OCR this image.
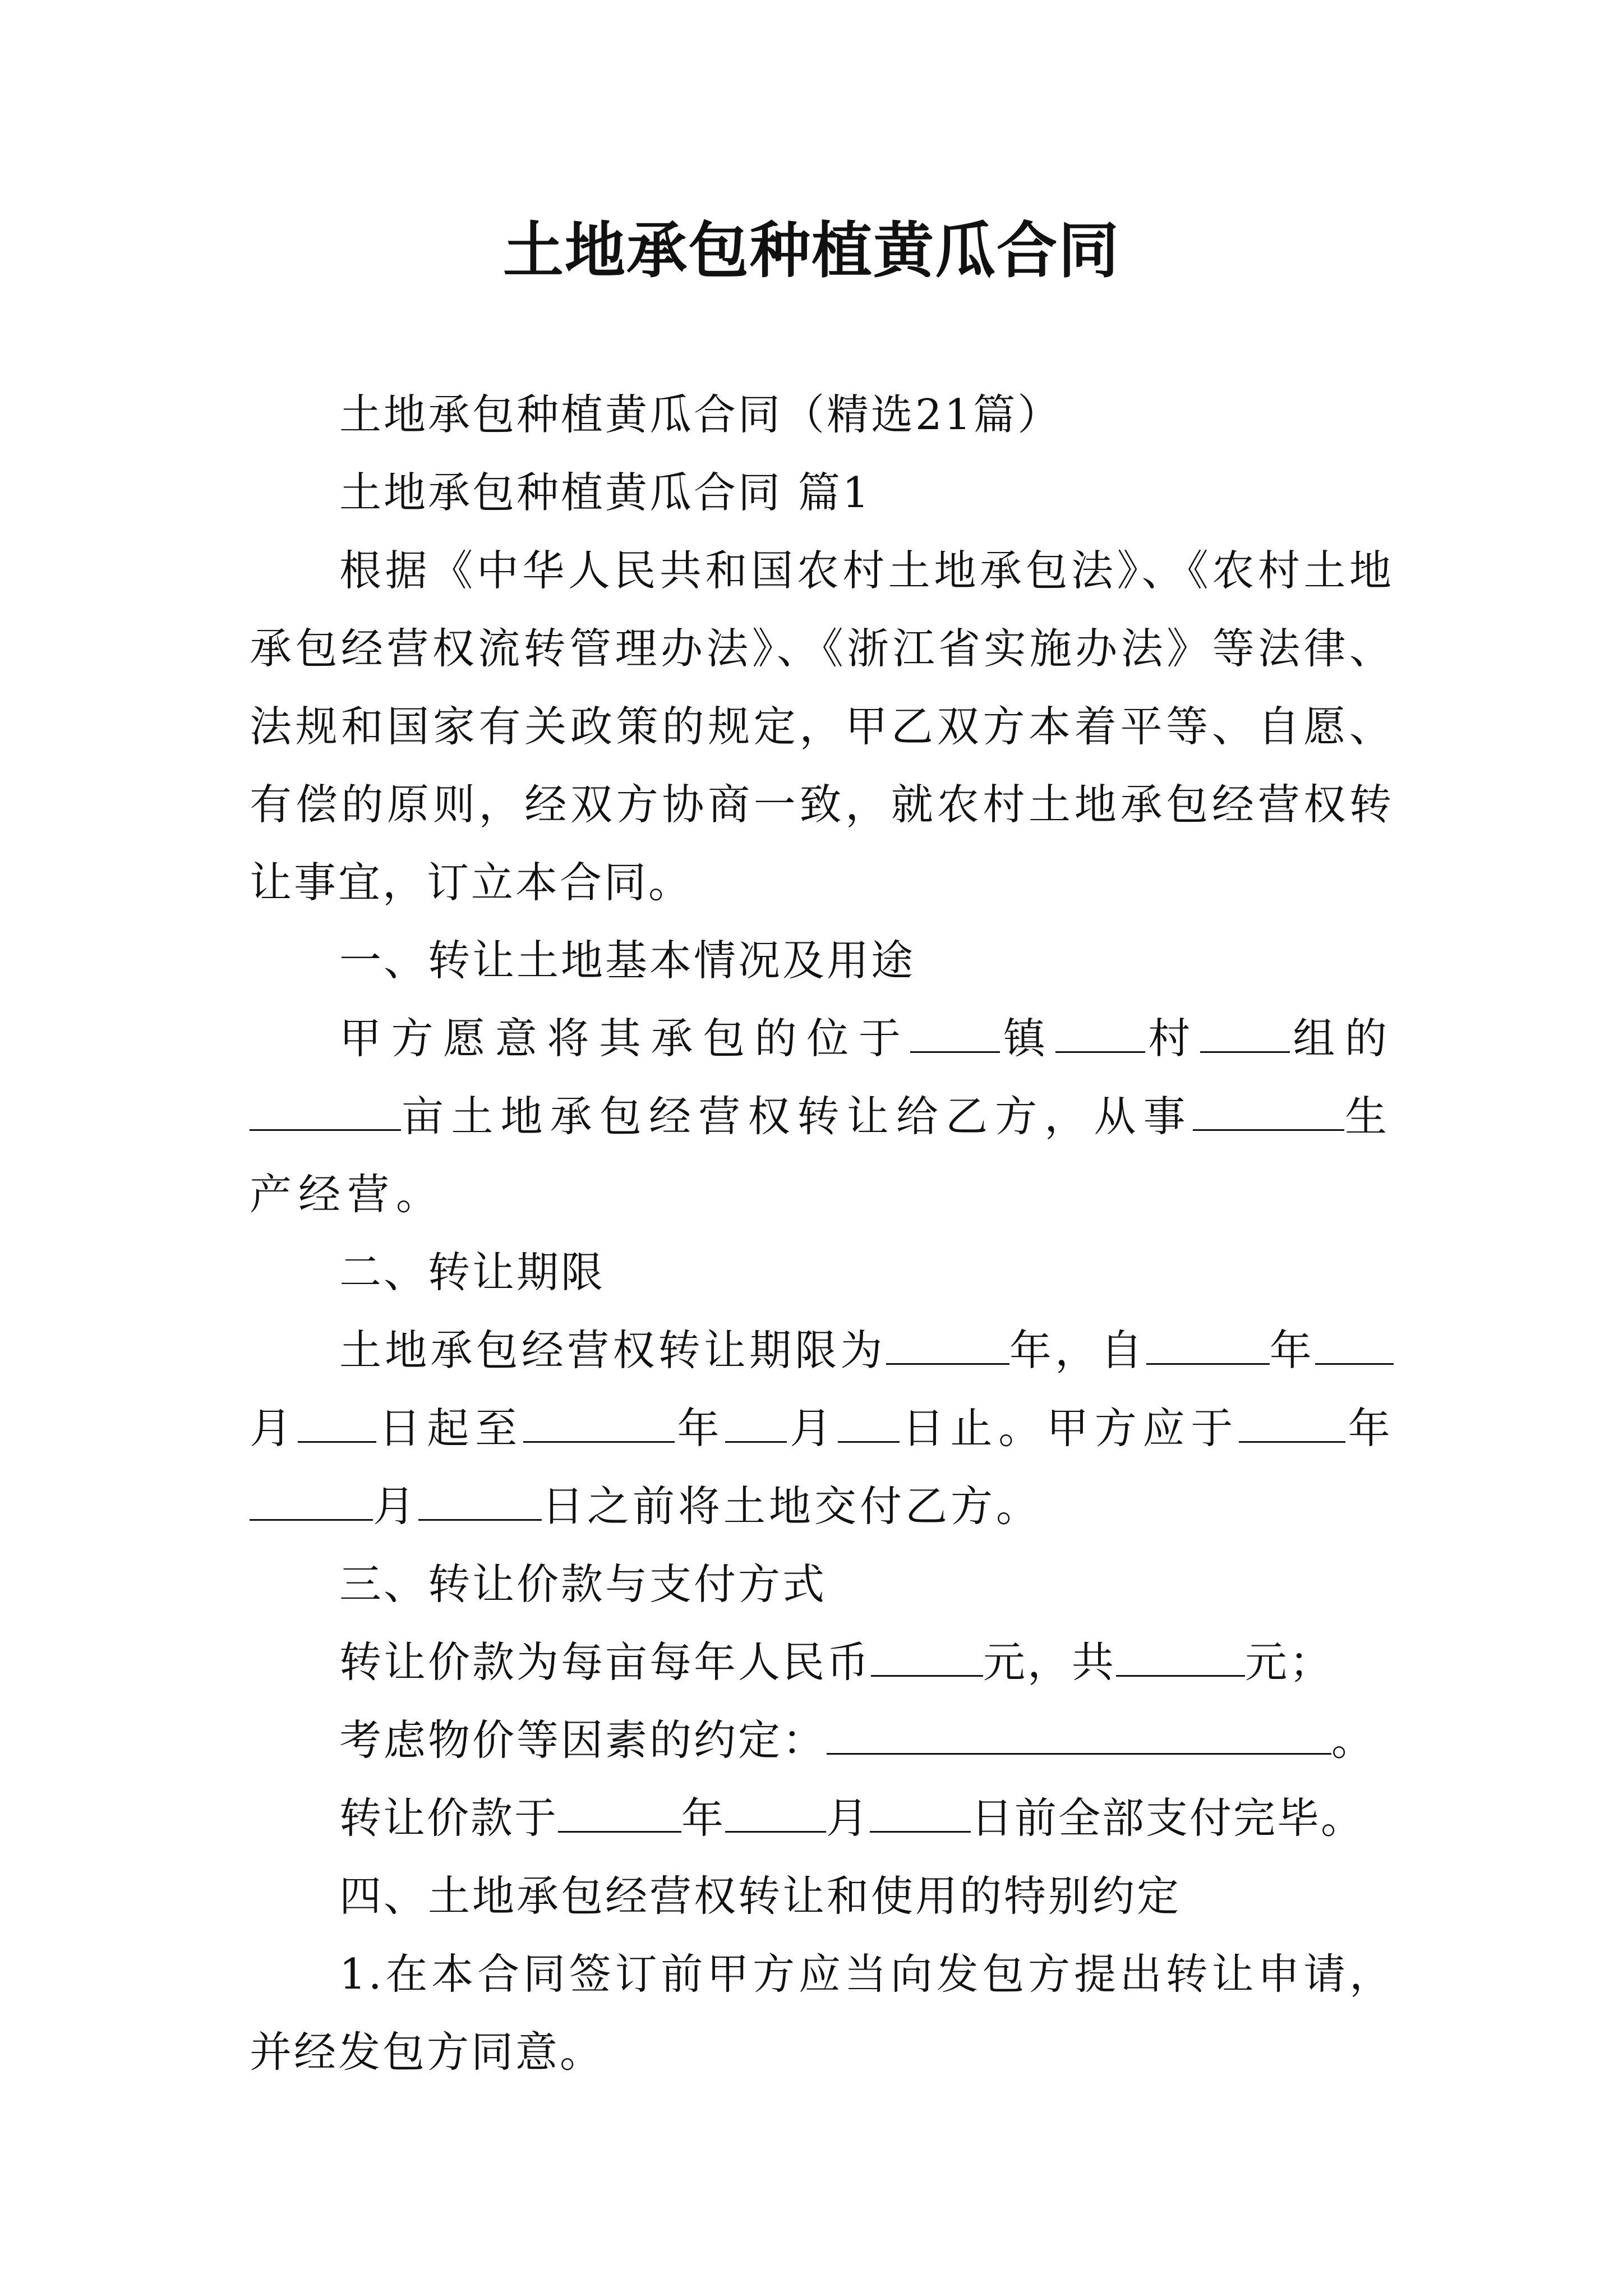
土地承包种植黄瓜合同

土地承包种植黄瓜合同（精选21篇）

土地承包种植黄瓜合同 篇1

根据《中华人民共和国农村土地承包法》、《农村土地承包经营权流转管理办法》、《浙江省实施办法》等法律、法规和国家有关政策的规定，甲乙双方本着平等、自愿、有偿的原则，经双方协商一致，就农村土地承包经营权转让事宜，订立本合同。

一、转让土地基本情况及用途

甲方愿意将其承包的位于 镇 村 组的亩土地承包经营权转让给乙方，从事	生产经营。

二、转让期限

土地承包经营权转让期限为	年，自	年月 日起至	年 月 日止。甲方应于	年月	日之前将土地交付乙方。

三、转让价款与支付方式

转让价款为每亩每年人民币	元，共	元；

考虑物价等因素的约定：	。

转让价款于	年 月 日前全部支付完毕。

四、土地承包经营权转让和使用的特别约定

1.在本合同签订前甲方应当向发包方提出转让申请，并经发包方同意。
